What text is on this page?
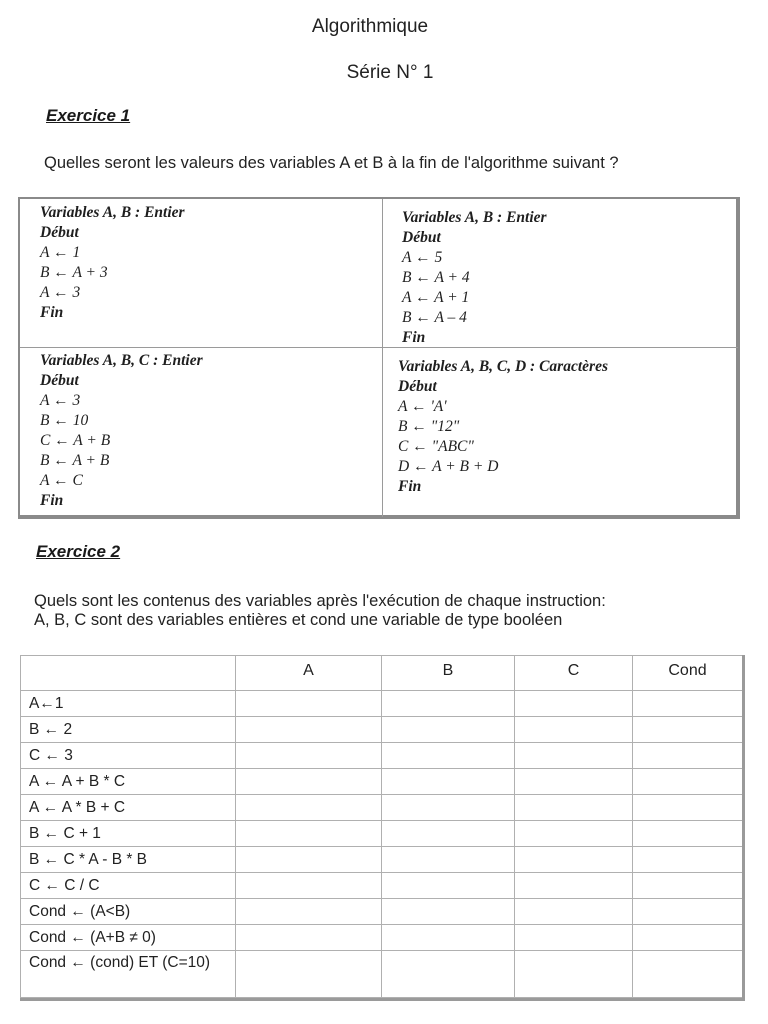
Algorithmique
Série N° 1
Exercice 1
Quelles seront les valeurs des variables A et B à la fin de l'algorithme suivant ?
Variables A, B : Entier
Début
A ← 1
B ← A + 3
A ← 3
Fin
Variables A, B : Entier
Début
A ← 5
B ← A + 4
A ← A + 1
B ← A – 4
Fin
Variables A, B, C : Entier
Début
A ← 3
B ← 10
C ← A + B
B ← A + B
A ← C
Fin
Variables A, B, C, D : Caractères
Début
A ← 'A'
B ← "12"
C ← "ABC"
D ← A + B + D
Fin
Exercice 2
Quels sont les contenus des variables après l'exécution de chaque instruction:
A, B, C sont des variables entières et cond une variable de type booléen
	A	B	C	Cond
A←1				
B ← 2				
C ← 3				
A ← A + B * C				
A ← A * B + C				
B ← C + 1				
B ← C * A - B * B				
C ← C / C				
Cond ← (A<B)				
Cond ← (A+B ≠ 0)				
Cond ← (cond) ET (C=10)				
